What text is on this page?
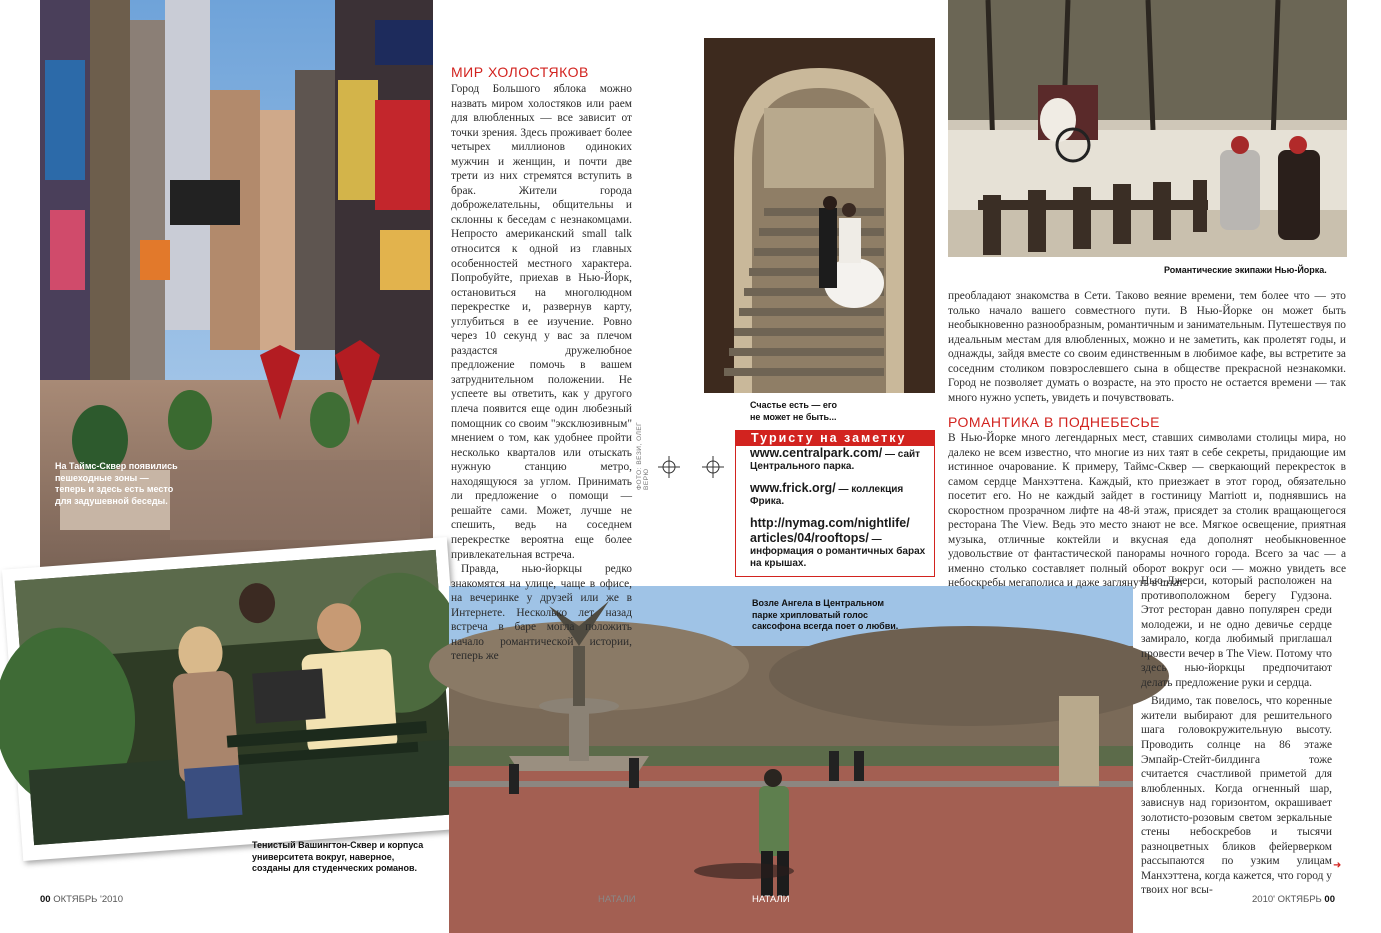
На Таймс-Сквер появились
пешеходные зоны —
теперь и здесь есть место
для задушевной беседы.
Тенистый Вашингтон-Сквер и корпуса
университета вокруг, наверное,
созданы для студенческих романов.
МИР ХОЛОСТЯКОВ
Город Большого яблока можно назвать миром холостяков или раем для влюбленных — все зависит от точки зрения. Здесь проживает более четырех миллионов одиноких мужчин и женщин, и почти две трети из них стремятся вступить в брак. Жители города доброжелательны, общительны и склонны к беседам с незнакомцами. Непросто американский small talk относится к одной из главных особенностей местного характера. Попробуйте, приехав в Нью-Йорк, остановиться на многолюдном перекрестке и, развернув карту, углубиться в ее изучение. Ровно через 10 секунд у вас за плечом раздастся дружелюбное предложение помочь в вашем затруднительном положении. Не успеете вы ответить, как у другого плеча появится еще один любезный помощник со своим "эксклюзивным" мнением о том, как удобнее пройти несколько кварталов или отыскать нужную станцию метро, находящуюся за углом. Принимать ли предложение о помощи — решайте сами. Может, лучше не спешить, ведь на соседнем перекрестке вероятна еще более привлекательная встреча.
Правда, нью-йоркцы редко знакомятся на улице, чаще в офисе, на вечеринке у друзей или же в Интернете. Несколько лет назад встреча в баре могла положить начало романтической истории, теперь же
ФОТО: ВЕЗИ, ОЛЕГ ВЕРЮ
Туристу на заметку
www.centralpark.com/ — сайт Центрального парка.
www.frick.org/ — коллекция Фрика.
http://nymag.com/nightlife/ articles/04/rooftops/ — информация о романтичных барах на крышах.
Счастье есть — его
не может не быть...
Романтические экипажи Нью-Йорка.
Возле Ангела в Центральном
парке хрипловатый голос
саксофона всегда поет о любви.
преобладают знакомства в Сети. Таково веяние времени, тем более что — это только начало вашего совместного пути. В Нью-Йорке он может быть необыкновенно разнообразным, романтичным и занимательным. Путешествуя по идеальным местам для влюбленных, можно и не заметить, как пролетят годы, и однажды, зайдя вместе со своим единственным в любимое кафе, вы встретите за соседним столиком повзрослевшего сына в обществе прекрасной незнакомки. Город не позволяет думать о возрасте, на это просто не остается времени — так много нужно успеть, увидеть и почувствовать.
РОМАНТИКА В ПОДНЕБЕСЬЕ
В Нью-Йорке много легендарных мест, ставших символами столицы мира, но далеко не всем известно, что многие из них таят в себе секреты, придающие им истинное очарование. К примеру, Таймс-Сквер — сверкающий перекресток в самом сердце Манхэттена. Каждый, кто приезжает в этот город, обязательно посетит его. Но не каждый зайдет в гостиницу Marriott и, поднявшись на скоростном прозрачном лифте на 48-й этаж, присядет за столик вращающегося ресторана The View. Ведь это место знают не все. Мягкое освещение, приятная музыка, отличные коктейли и вкусная еда дополнят необыкновенное удовольствие от фантастической панорамы ночного города. Всего за час — а именно столько составляет полный оборот вокруг оси — можно увидеть все небоскребы мегаполиса и даже заглянуть в штат
Нью-Джерси, который расположен на противоположном берегу Гудзона. Этот ресторан давно популярен среди молодежи, и не одно девичье сердце замирало, когда любимый приглашал провести вечер в The View. Потому что здесь нью-йоркцы предпочитают делать предложение руки и сердца.
Видимо, так повелось, что коренные жители выбирают для решительного шага головокружительную высоту. Проводить солнце на 86 этаже Эмпайр-Стейт-билдинга тоже считается счастливой приметой для влюбленных. Когда огненный шар, зависнув над горизонтом, окрашивает золотисто-розовым светом зеркальные стены небоскребов и тысячи разноцветных бликов фейерверком рассыпаются по узким улицам Манхэттена, когда кажется, что город у твоих ног всы-
➜
00 ОКТЯБРЬ '2010	НАТАЛИ	НАТАЛИ	2010' ОКТЯБРЬ 00
